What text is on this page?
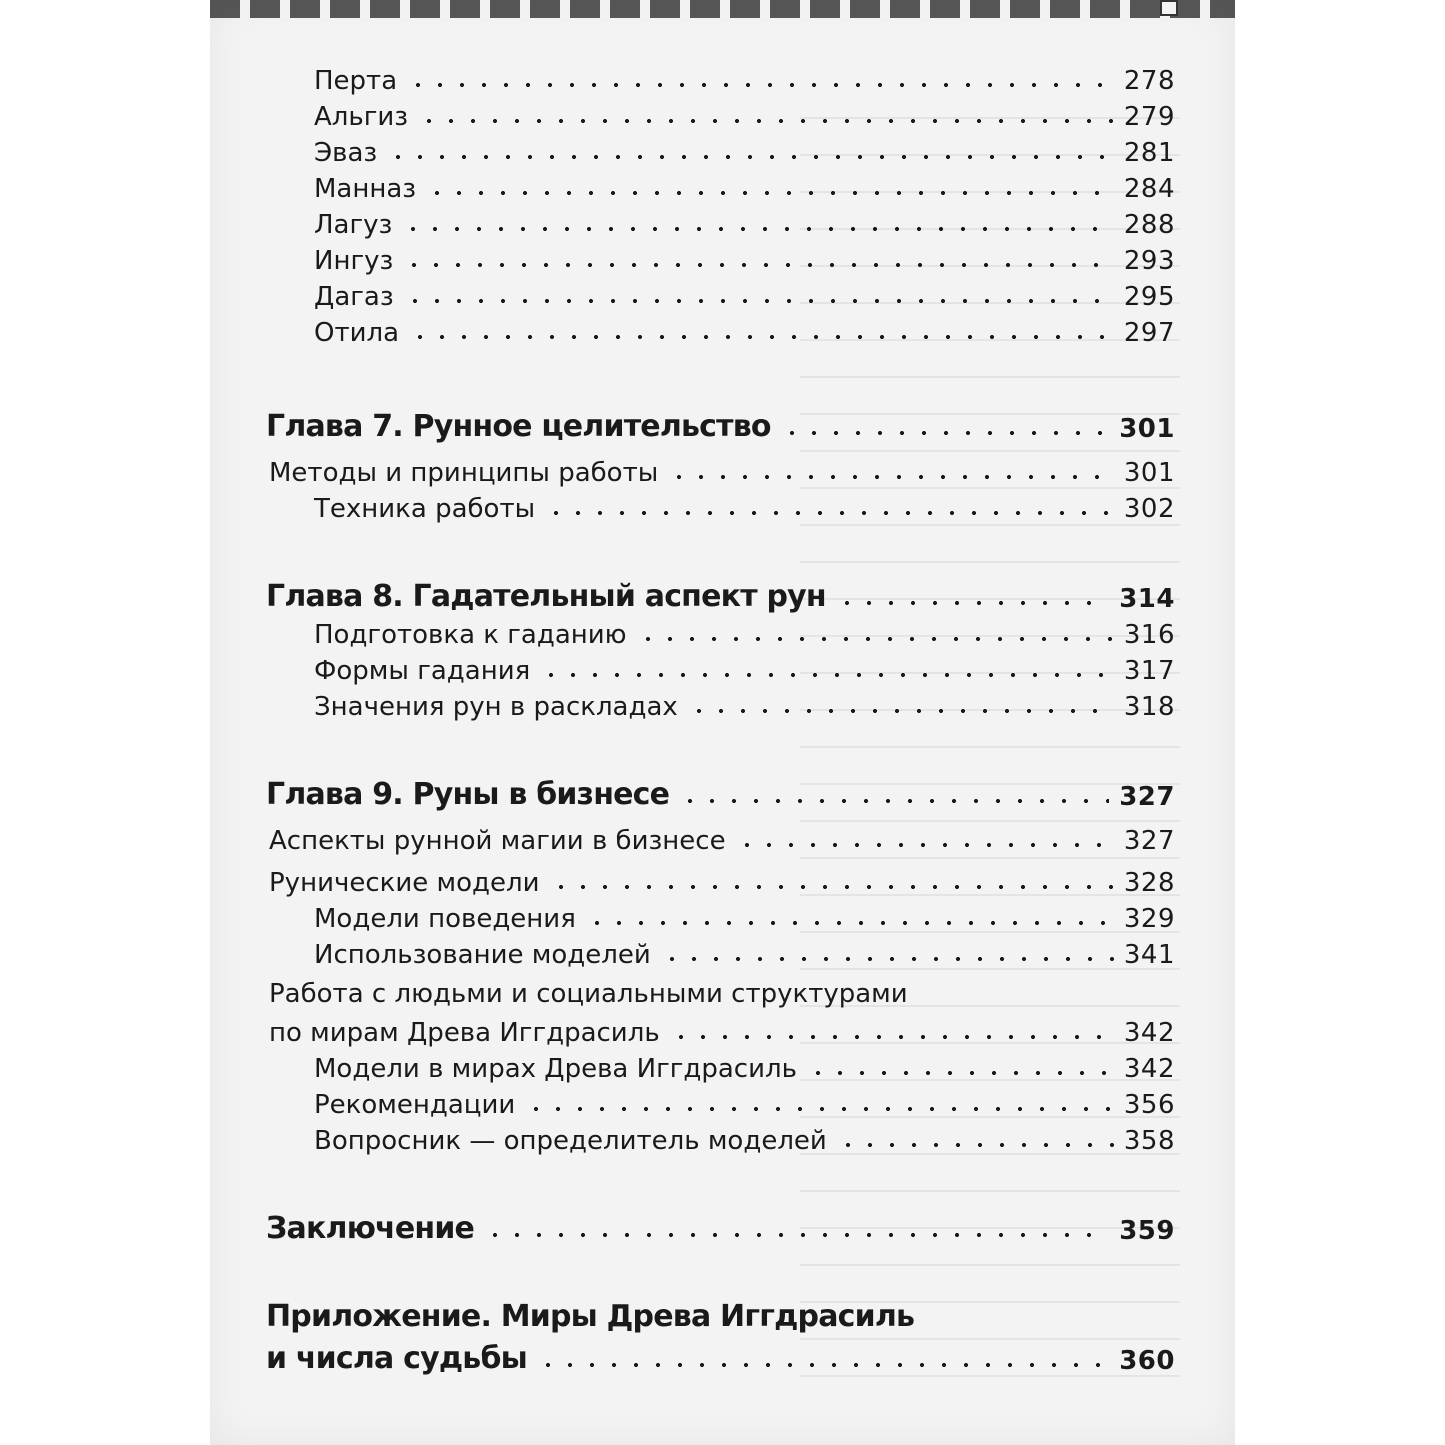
Перта	278
Альгиз	279
Эваз	281
Манназ	284
Лагуз	288
Ингуз	293
Дагаз	295
Отила	297
Глава 7. Рунное целительство	301
Методы и принципы работы	301
Техника работы	302
Глава 8. Гадательный аспект рун	314
Подготовка к гаданию	316
Формы гадания	317
Значения рун в раскладах	318
Глава 9. Руны в бизнесе	327
Аспекты рунной магии в бизнесе	327
Рунические модели	328
Модели поведения	329
Использование моделей	341
Работа с людьми и социальными структурами
по мирам Древа Иггдрасиль	342
Модели в мирах Древа Иггдрасиль	342
Рекомендации	356
Вопросник — определитель моделей	358
Заключение	359
Приложение. Миры Древа Иггдрасиль
и числа судьбы	360
